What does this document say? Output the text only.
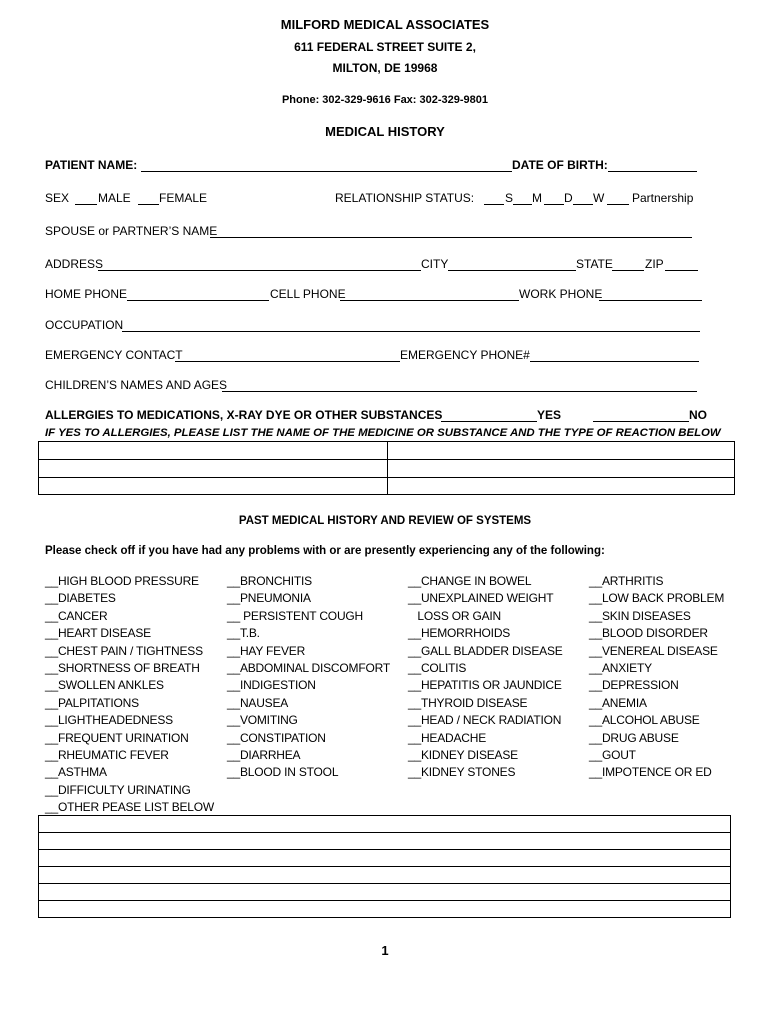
MILFORD MEDICAL ASSOCIATES
611 FEDERAL STREET SUITE 2,
MILTON, DE 19968
Phone: 302-329-9616 Fax: 302-329-9801
MEDICAL HISTORY
PATIENT NAME:	DATE OF BIRTH:
SEX MALE FEMALE	RELATIONSHIP STATUS:	S M D W Partnership
SPOUSE or PARTNER’S NAME
ADDRESS	CITY	STATE	ZIP
HOME PHONE	CELL PHONE	WORK PHONE
OCCUPATION
EMERGENCY CONTACT	EMERGENCY PHONE#
CHILDREN’S NAMES AND AGES
ALLERGIES TO MEDICATIONS, X-RAY DYE OR OTHER SUBSTANCES	YES	NO
IF YES TO ALLERGIES, PLEASE LIST THE NAME OF THE MEDICINE OR SUBSTANCE AND THE TYPE OF REACTION BELOW

PAST MEDICAL HISTORY AND REVIEW OF SYSTEMS
Please check off if you have had any problems with or are presently experiencing any of the following:
__HIGH BLOOD PRESSURE
__DIABETES
__CANCER
__HEART DISEASE
__CHEST PAIN / TIGHTNESS
__SHORTNESS OF BREATH
__SWOLLEN ANKLES
__PALPITATIONS
__LIGHTHEADEDNESS
__FREQUENT URINATION
__RHEUMATIC FEVER
__ASTHMA
__DIFFICULTY URINATING
__OTHER PEASE LIST BELOW
__BRONCHITIS
__PNEUMONIA
__ PERSISTENT COUGH
__T.B.
__HAY FEVER
__ABDOMINAL DISCOMFORT
__INDIGESTION
__NAUSEA
__VOMITING
__CONSTIPATION
__DIARRHEA
__BLOOD IN STOOL
__CHANGE IN BOWEL
__UNEXPLAINED WEIGHT
LOSS OR GAIN
__HEMORRHOIDS
__GALL BLADDER DISEASE
__COLITIS
__HEPATITIS OR JAUNDICE
__THYROID DISEASE
__HEAD / NECK RADIATION
__HEADACHE
__KIDNEY DISEASE
__KIDNEY STONES
__ARTHRITIS
__LOW BACK PROBLEM
__SKIN DISEASES
__BLOOD DISORDER
__VENEREAL DISEASE
__ANXIETY
__DEPRESSION
__ANEMIA
__ALCOHOL ABUSE
__DRUG ABUSE
__GOUT
__IMPOTENCE OR ED

1
